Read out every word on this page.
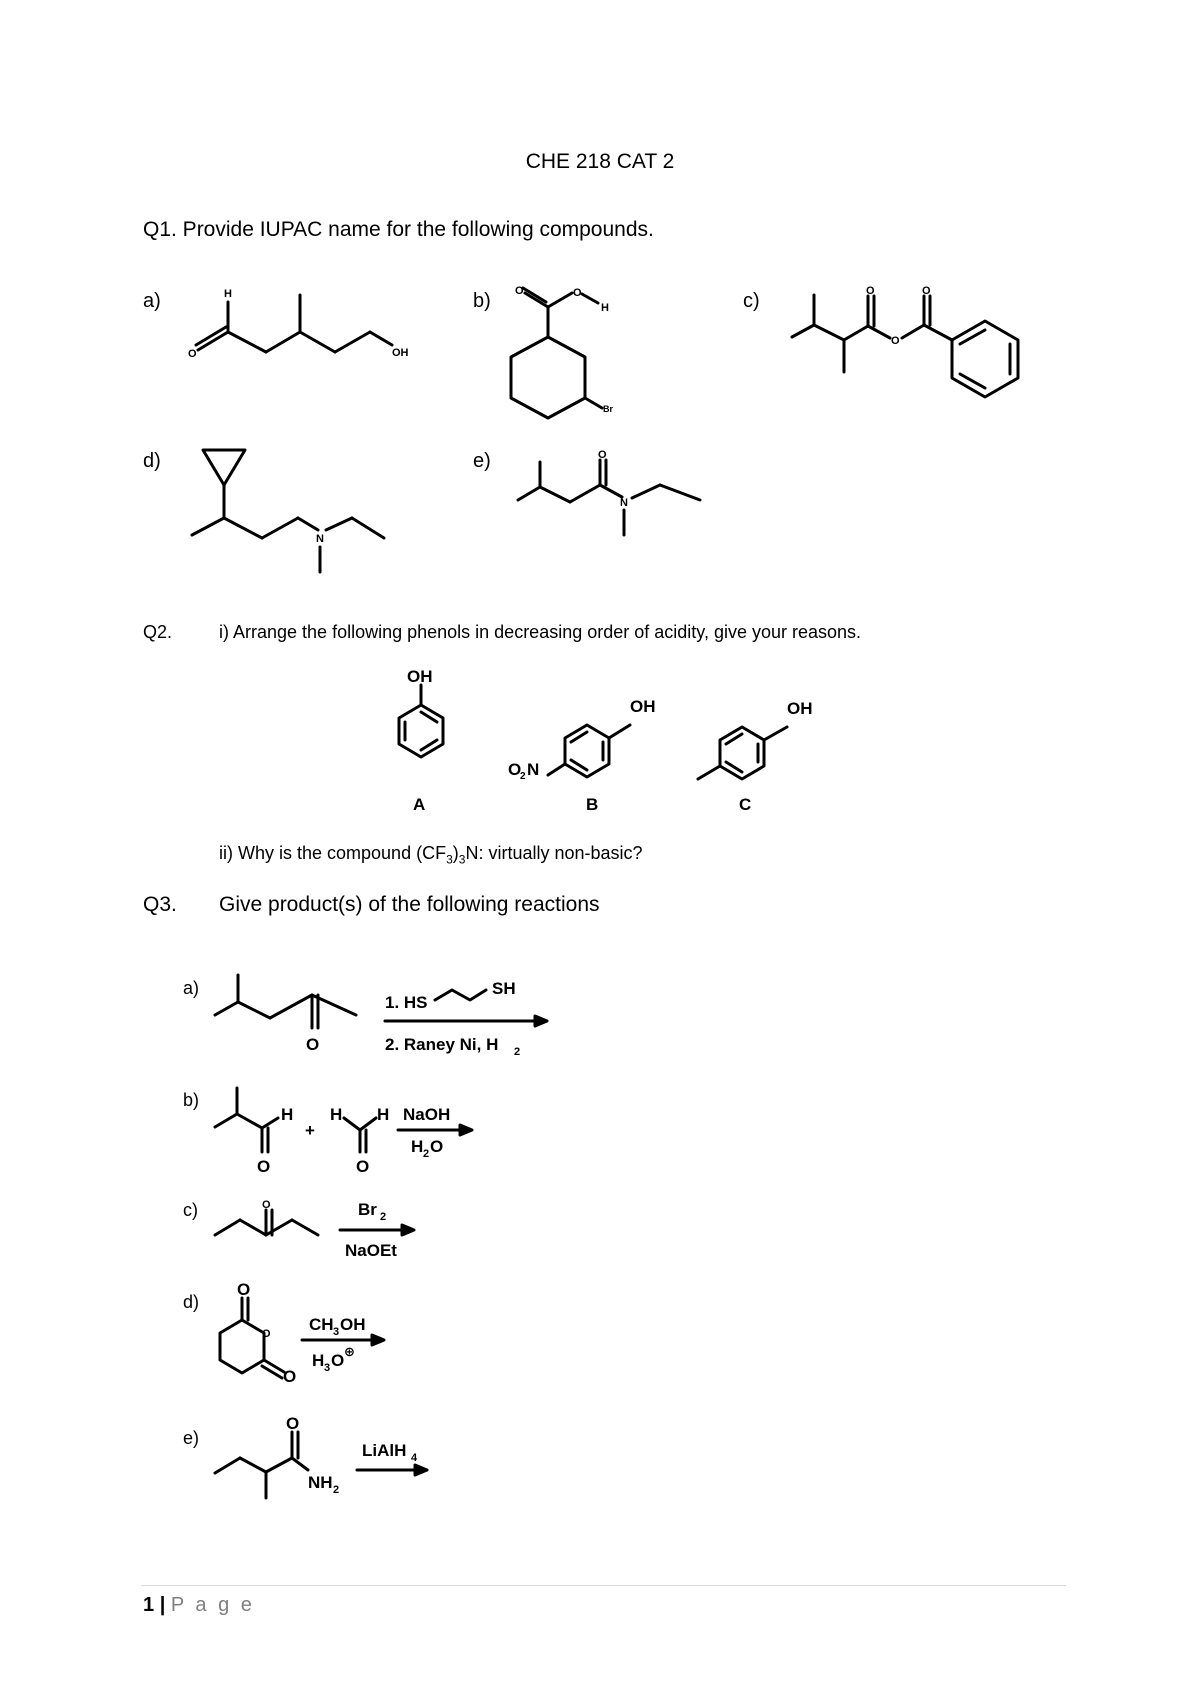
CHE 218 CAT 2
Q1. Provide IUPAC name for the following compounds.
a)	b)	c)
d)	e)
H
O	OH
O	O
H
Br
O	O
O
N
O
N
Q2.	i) Arrange the following phenols in decreasing order of acidity, give your reasons.
OH
OH
O
2 N
OH
A	B	C
ii) Why is the compound $(CF_3)_3N$: virtually non-basic?
Q3. Give product(s) of the following reactions
a)
b)
c)
d)
e)
O
1. HS
SH
2. Raney Ni, H 2
H
O
+
H H
O
NaOH
H 2 O
O	Br 2
NaOEt
O
O
O
CH 3 OH
H 3 O ⊕
O
NH 2
LiAlH 4
1 | P a g e
